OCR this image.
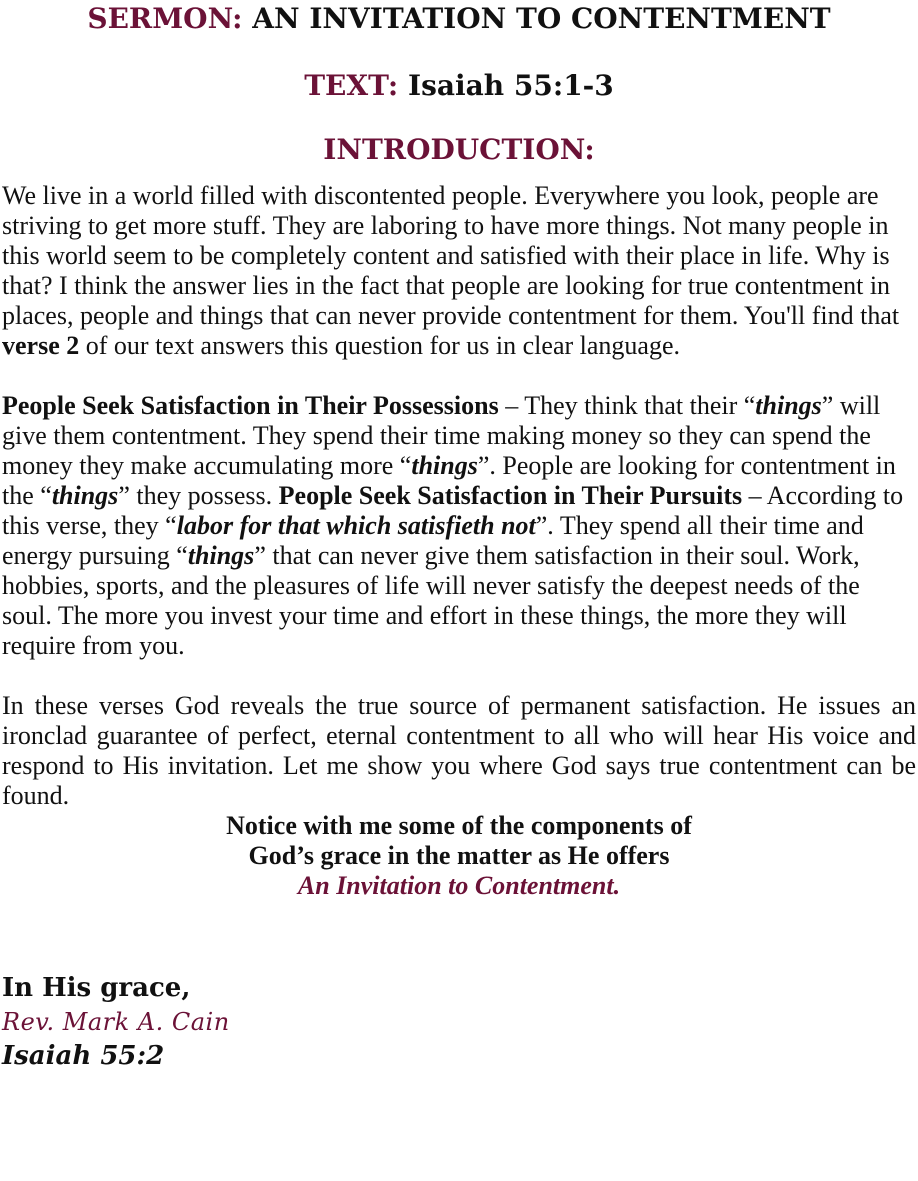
SERMON: AN INVITATION TO CONTENTMENT

TEXT: Isaiah 55:1-3

INTRODUCTION:

We live in a world filled with discontented people. Everywhere you look, people are striving to get more stuff. They are laboring to have more things. Not many people in this world seem to be completely content and satisfied with their place in life. Why is that? I think the answer lies in the fact that people are looking for true contentment in places, people and things that can never provide contentment for them. You'll find that verse 2 of our text answers this question for us in clear language.

People Seek Satisfaction in Their Possessions – They think that their “things” will give them contentment. They spend their time making money so they can spend the money they make accumulating more “things”. People are looking for contentment in the “things” they possess. People Seek Satisfaction in Their Pursuits – According to this verse, they “labor for that which satisfieth not”. They spend all their time and energy pursuing “things” that can never give them satisfaction in their soul. Work, hobbies, sports, and the pleasures of life will never satisfy the deepest needs of the soul. The more you invest your time and effort in these things, the more they will require from you.

In these verses God reveals the true source of permanent satisfaction. He issues an ironclad guarantee of perfect, eternal contentment to all who will hear His voice and respond to His invitation. Let me show you where God says true contentment can be found.

Notice with me some of the components of
God’s grace in the matter as He offers
An Invitation to Contentment.
In His grace,
Rev. Mark A. Cain
Isaiah 55:2
